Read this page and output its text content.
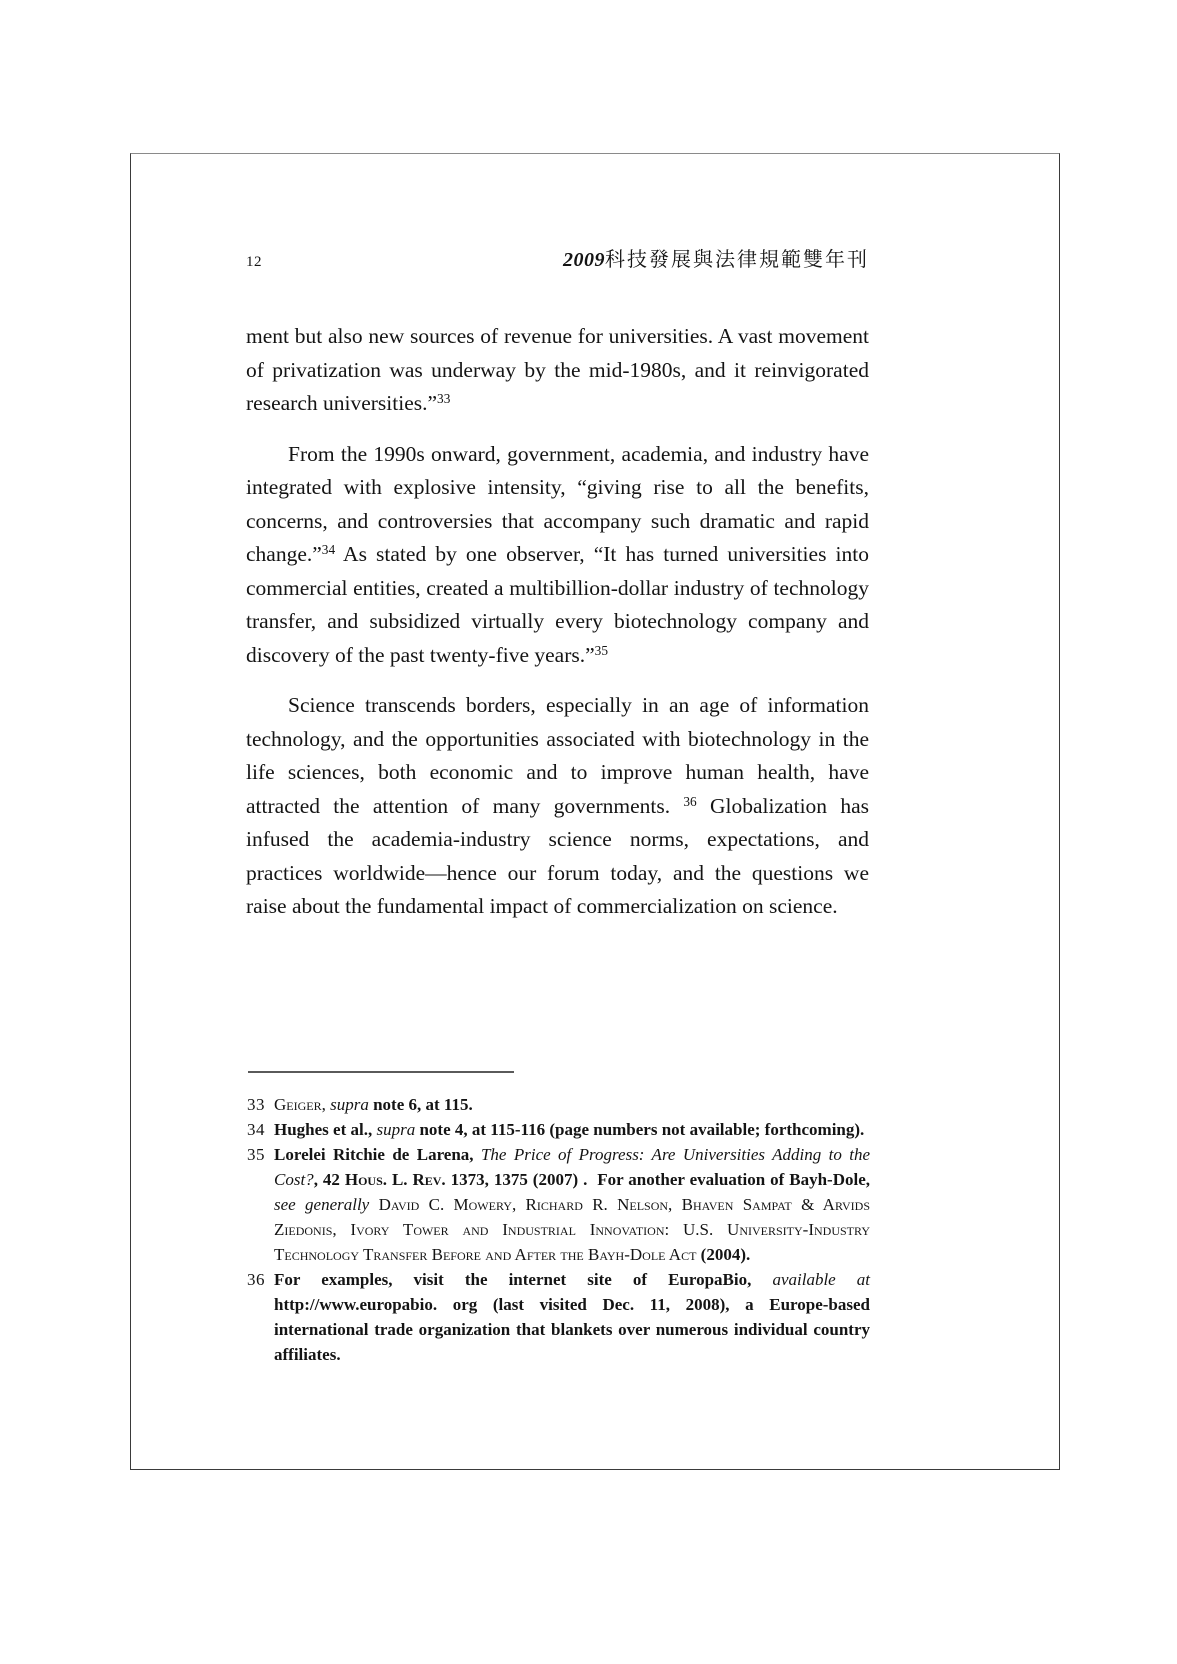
12	2009科技發展與法律規範雙年刊

ment but also new sources of revenue for universities. A vast movement of privatization was underway by the mid-1980s, and it reinvigorated research universities.”$^{33}$

From the 1990s onward, government, academia, and industry have integrated with explosive intensity, “giving rise to all the benefits, concerns, and controversies that accompany such dramatic and rapid change.”$^{34}$ As stated by one observer, “It has turned universities into commercial entities, created a multibillion-dollar industry of technology transfer, and subsidized virtually every biotechnology company and discovery of the past twenty-five years.”$^{35}$

Science transcends borders, especially in an age of information technology, and the opportunities associated with biotechnology in the life sciences, both economic and to improve human health, have attracted the attention of many governments. $^{36}$ Globalization has infused the academia-industry science norms, expectations, and practices worldwide—hence our forum today, and the questions we raise about the fundamental impact of commercialization on science.

33 Geiger, supra note 6, at 115.
34 Hughes et al., supra note 4, at 115-116 (page numbers not available; forthcoming).
35 Lorelei Ritchie de Larena, The Price of Progress: Are Universities Adding to the Cost?, 42 Hous. L. Rev. 1373, 1375 (2007) .  For another evaluation of Bayh-Dole, see generally David C. Mowery, Richard R. Nelson, Bhaven Sampat & Arvids Ziedonis, Ivory Tower and Industrial Innovation: U.S. University-Industry Technology Transfer Before and After the Bayh-Dole Act (2004).
36 For examples, visit the internet site of EuropaBio, available at http://www.europabio. org (last visited Dec. 11, 2008), a Europe-based international trade organization that blankets over numerous individual country affiliates.
